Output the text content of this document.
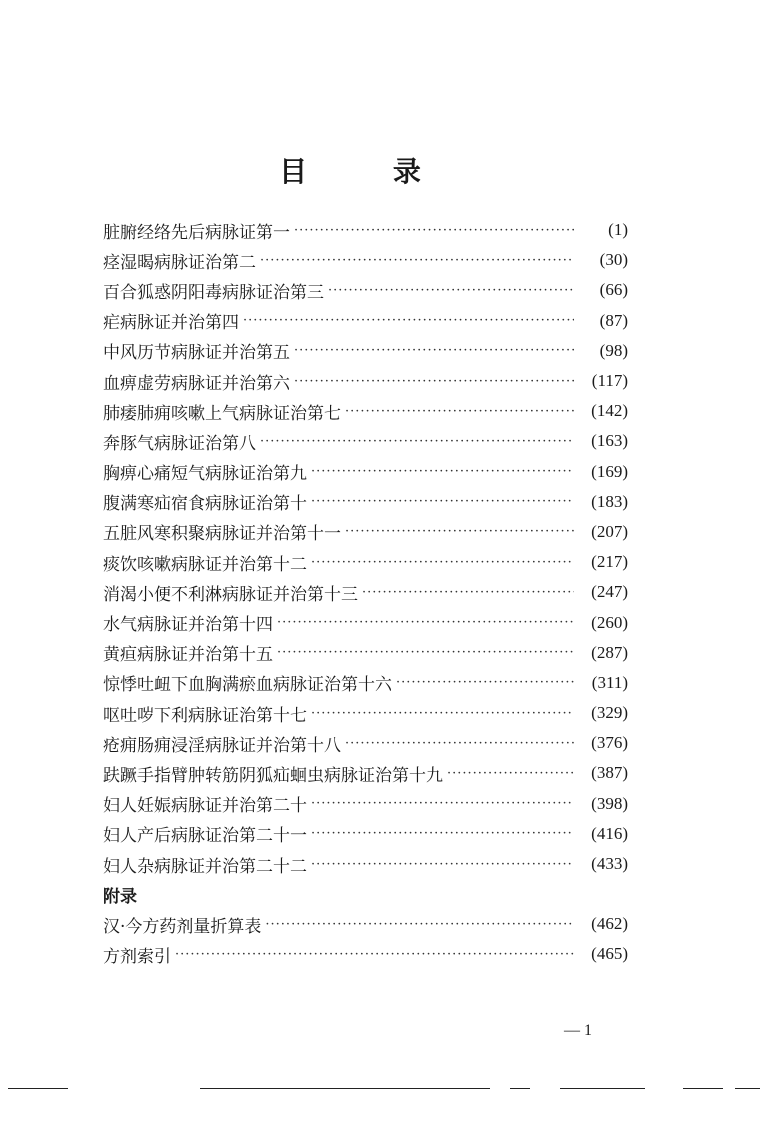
目 录
脏腑经络先后病脉证第一 ·····	(1)
痉湿暍病脉证治第二 ·····	(30)
百合狐惑阴阳毒病脉证治第三 ·····	(66)
疟病脉证并治第四 ·····	(87)
中风历节病脉证并治第五 ·····	(98)
血痹虚劳病脉证并治第六 ·····	(117)
肺痿肺痈咳嗽上气病脉证治第七 ·····	(142)
奔豚气病脉证治第八 ·····	(163)
胸痹心痛短气病脉证治第九 ·····	(169)
腹满寒疝宿食病脉证治第十 ·····	(183)
五脏风寒积聚病脉证并治第十一 ·····	(207)
痰饮咳嗽病脉证并治第十二 ·····	(217)
消渴小便不利淋病脉证并治第十三 ·····	(247)
水气病脉证并治第十四 ·····	(260)
黄疸病脉证并治第十五 ·····	(287)
惊悸吐衄下血胸满瘀血病脉证治第十六 ·····	(311)
呕吐哕下利病脉证治第十七 ·····	(329)
疮痈肠痈浸淫病脉证并治第十八 ·····	(376)
趺蹶手指臂肿转筋阴狐疝蛔虫病脉证治第十九 ·····	(387)
妇人妊娠病脉证并治第二十 ·····	(398)
妇人产后病脉证治第二十一 ·····	(416)
妇人杂病脉证并治第二十二 ·····	(433)
附录
汉·今方药剂量折算表 ·····	(462)
方剂索引 ·····	(465)
— 1
